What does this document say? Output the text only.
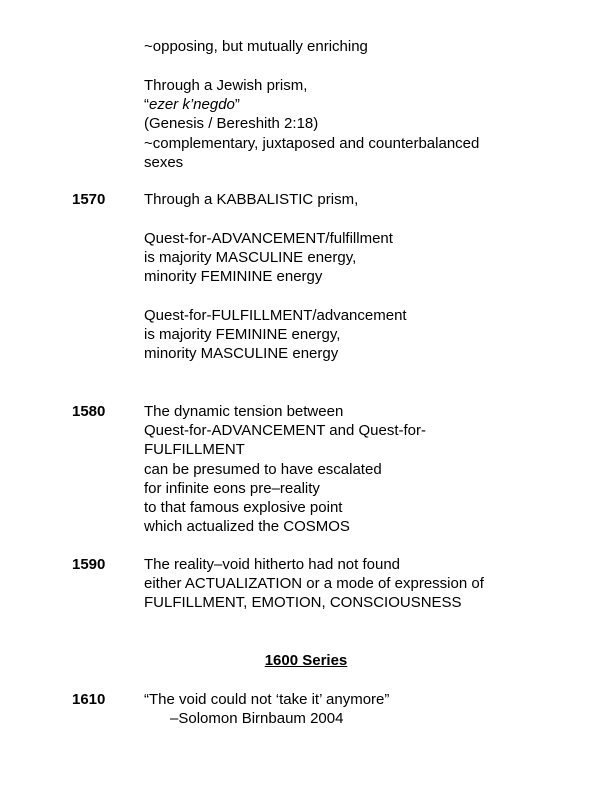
~opposing, but mutually enriching
Through a Jewish prism,
“ezer k’negdo”
(Genesis / Bereshith 2:18)
~complementary, juxtaposed and counterbalanced
sexes
1570	Through a KABBALISTIC prism,
Quest-for-ADVANCEMENT/fulfillment
is majority MASCULINE energy,
minority FEMININE energy
Quest-for-FULFILLMENT/advancement
is majority FEMININE energy,
minority MASCULINE energy
1580	The dynamic tension between
Quest-for-ADVANCEMENT and Quest-for-
FULFILLMENT
can be presumed to have escalated
for infinite eons pre–reality
to that famous explosive point
which actualized the COSMOS
1590	The reality–void hitherto had not found
either ACTUALIZATION or a mode of expression of
FULFILLMENT, EMOTION, CONSCIOUSNESS
1600 Series
1610	“The void could not ‘take it’ anymore”
–Solomon Birnbaum 2004
